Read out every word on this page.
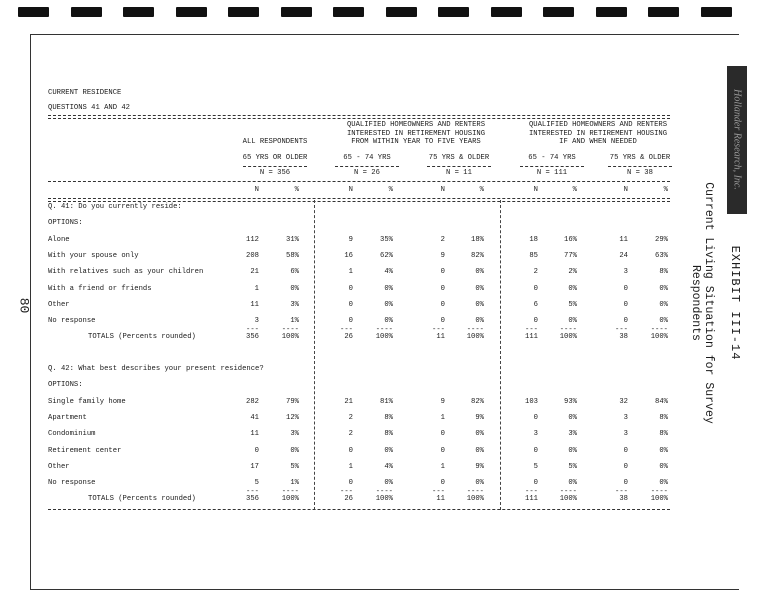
80
Hollander Research, Inc.
EXHIBIT III-14
Current Living Situation for Survey Respondents
CURRENT RESIDENCE
QUESTIONS 41 AND 42
ALL RESPONDENTS
QUALIFIED HOMEOWNERS AND RENTERS
INTERESTED IN RETIREMENT HOUSING
FROM WITHIN YEAR TO FIVE YEARS
QUALIFIED HOMEOWNERS AND RENTERS
INTERESTED IN RETIREMENT HOUSING
IF AND WHEN NEEDED
65 YRS OR OLDER
N = 356
65 - 74 YRS
N = 26
75 YRS & OLDER
N = 11
65 - 74 YRS
N = 111
75 YRS & OLDER
N = 38
N	%	N	%	N	%	N	%	N	%
Q. 41: Do you currently reside:
OPTIONS:
Alone	112	31%	9	35%	2	18%	18	16%	11	29%
With your spouse only	208	58%	16	62%	9	82%	85	77%	24	63%
With relatives such as your children	21	6%	1	4%	0	0%	2	2%	3	8%
With a friend or friends	1	0%	0	0%	0	0%	0	0%	0	0%
Other	11	3%	0	0%	0	0%	6	5%	0	0%
No response	3	1%	0	0%	0	0%	0	0%	0	0%
---	----	---	----	---	----	---	----	---	----
TOTALS (Percents rounded)	356	100%	26	100%	11	100%	111	100%	38	100%
Q. 42: What best describes your present residence?
OPTIONS:
Single family home	282	79%	21	81%	9	82%	103	93%	32	84%
Apartment	41	12%	2	8%	1	9%	0	0%	3	8%
Condominium	11	3%	2	8%	0	0%	3	3%	3	8%
Retirement center	0	0%	0	0%	0	0%	0	0%	0	0%
Other	17	5%	1	4%	1	9%	5	5%	0	0%
No response	5	1%	0	0%	0	0%	0	0%	0	0%
---	----	---	----	---	----	---	----	---	----
TOTALS (Percents rounded)	356	100%	26	100%	11	100%	111	100%	38	100%
